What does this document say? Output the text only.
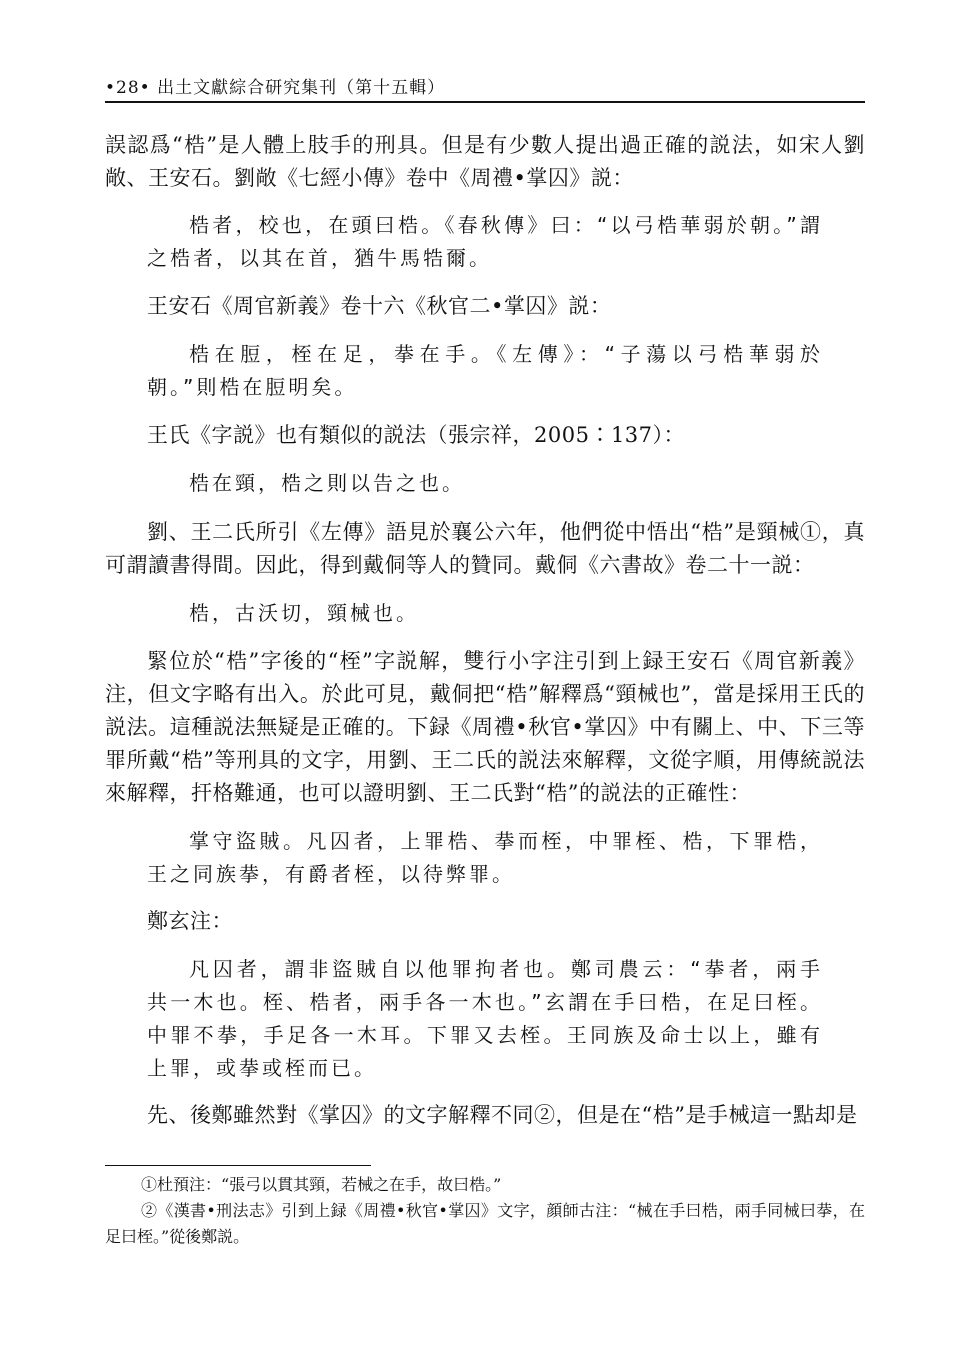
•28• 出土文獻綜合研究集刊（第十五輯）
誤認爲“梏”是人體上肢手的刑具。但是有少數人提出過正確的説法，如宋人劉敞、王安石。劉敞《七經小傳》卷中《周禮•掌囚》説：
梏者，校也，在頭曰梏。《春秋傳》曰：“以弓梏華弱於朝。”謂之梏者，以其在首，猶牛馬牿爾。
王安石《周官新義》卷十六《秋官二•掌囚》説：
梏在脰，桎在足，拲在手。《左傳》：“子蕩以弓梏華弱於朝。”則梏在脰明矣。
王氏《字説》也有類似的説法（張宗祥，2005∶137）：
梏在頸，梏之則以告之也。
劉、王二氏所引《左傳》語見於襄公六年，他們從中悟出“梏”是頸械①，真可謂讀書得間。因此，得到戴侗等人的贊同。戴侗《六書故》卷二十一説：
梏，古沃切，頸械也。
緊位於“梏”字後的“桎”字説解，雙行小字注引到上録王安石《周官新義》注，但文字略有出入。於此可見，戴侗把“梏”解釋爲“頸械也”，當是採用王氏的説法。這種説法無疑是正確的。下録《周禮•秋官•掌囚》中有關上、中、下三等罪所戴“梏”等刑具的文字，用劉、王二氏的説法來解釋，文從字順，用傳統説法來解釋，扞格難通，也可以證明劉、王二氏對“梏”的説法的正確性：
掌守盜賊。凡囚者，上罪梏、拲而桎，中罪桎、梏，下罪梏，王之同族拲，有爵者桎，以待弊罪。
鄭玄注：
凡囚者，謂非盜賊自以他罪拘者也。鄭司農云：“拲者，兩手共一木也。桎、梏者，兩手各一木也。”玄謂在手曰梏，在足曰桎。中罪不拲，手足各一木耳。下罪又去桎。王同族及命士以上，雖有上罪，或拲或桎而已。
先、後鄭雖然對《掌囚》的文字解釋不同②，但是在“梏”是手械這一點却是
①杜預注：“張弓以貫其頸，若械之在手，故曰梏。”
②《漢書•刑法志》引到上録《周禮•秋官•掌囚》文字，顔師古注：“械在手曰梏，兩手同械曰拲，在足曰桎。”從後鄭説。
